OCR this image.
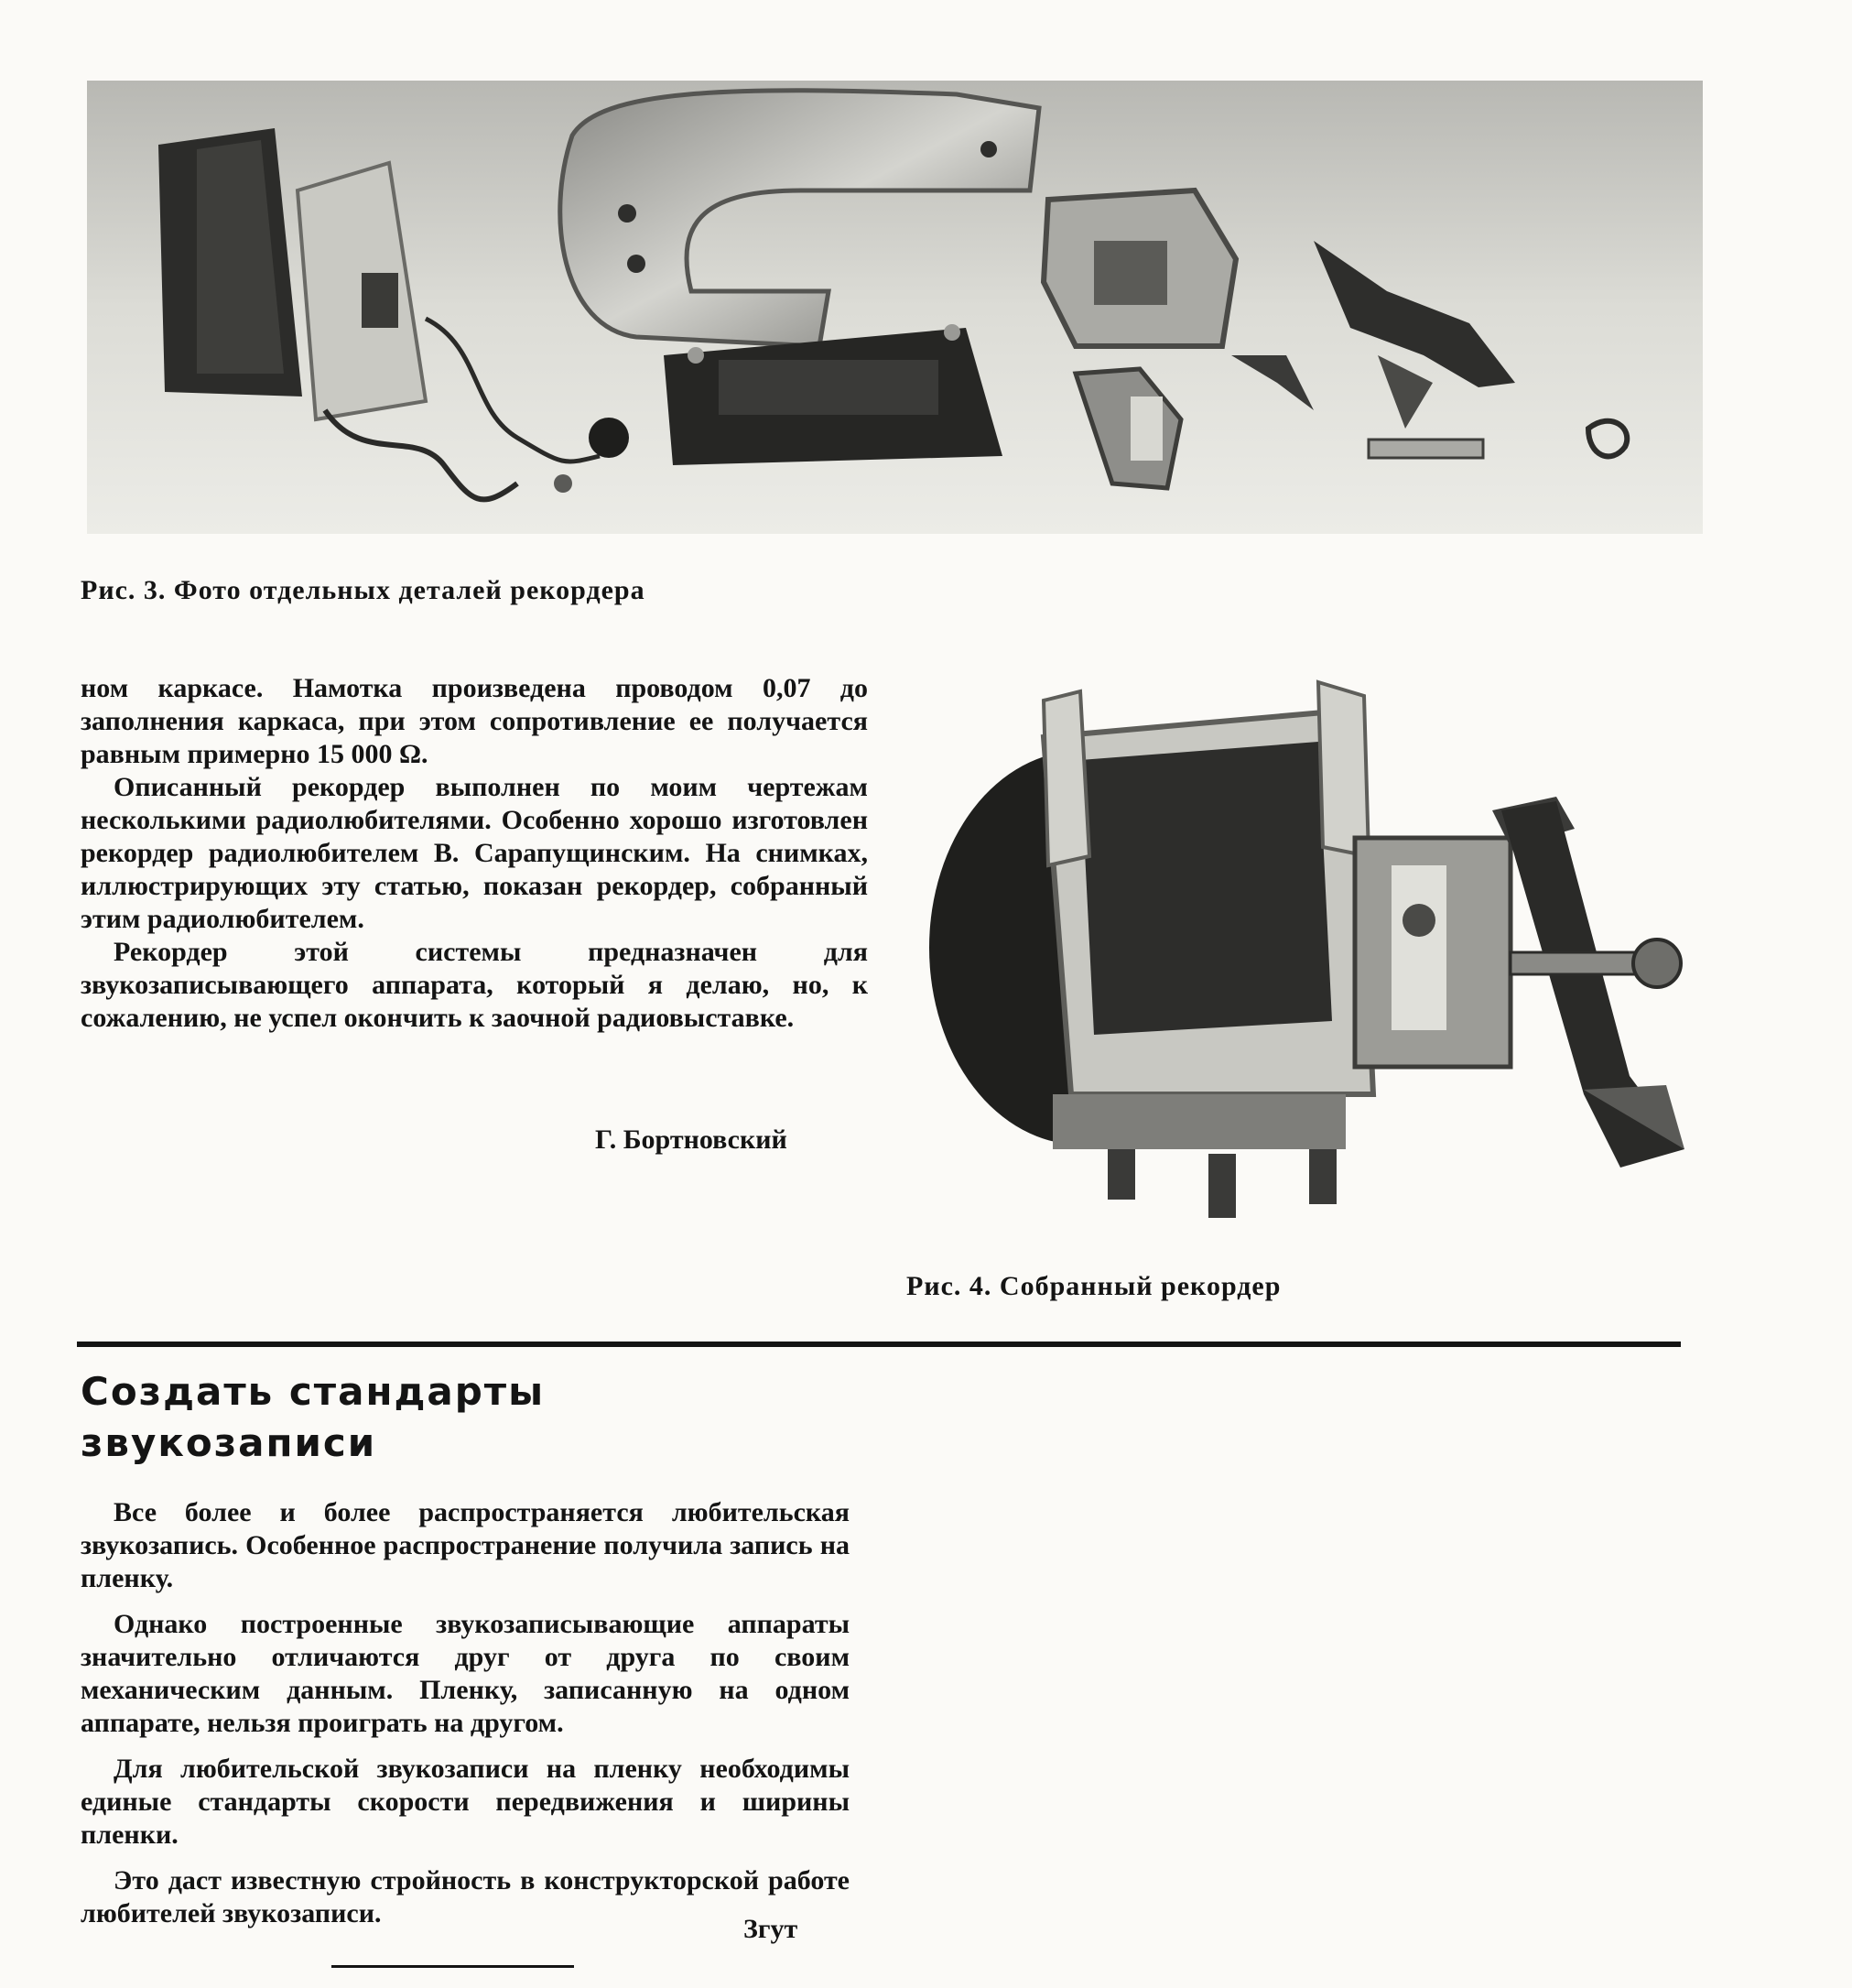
Рис. 3. Фото отдельных деталей рекордера

ном каркасе. Намотка произведена проводом 0,07 до заполнения каркаса, при этом сопротивление ее получается равным примерно 15 000 Ω.

Описанный рекордер выполнен по моим чертежам несколькими радиолюбителями. Особенно хорошо изготовлен рекордер радиолюбителем В. Сарапущинским. На снимках, иллюстрирующих эту статью, показан рекордер, собранный этим радиолюбителем.

Рекордер этой системы предназначен для звукозаписывающего аппарата, который я делаю, но, к сожалению, не успел окончить к заочной радиовыставке.

Г. Бортновский
Рис. 4. Собранный рекордер
Создать стандарты
звукозаписи

Все более и более распространяется любительская звукозапись. Особенное распространение получила запись на пленку.

Однако построенные звукозаписывающие аппараты значительно отличаются друг от друга по своим механическим данным. Пленку, записанную на одном аппарате, нельзя проиграть на другом.

Для любительской звукозаписи на пленку необходимы единые стандарты скорости передвижения и ширины пленки.

Это даст известную стройность в конструкторской работе любителей звукозаписи.

Згут
